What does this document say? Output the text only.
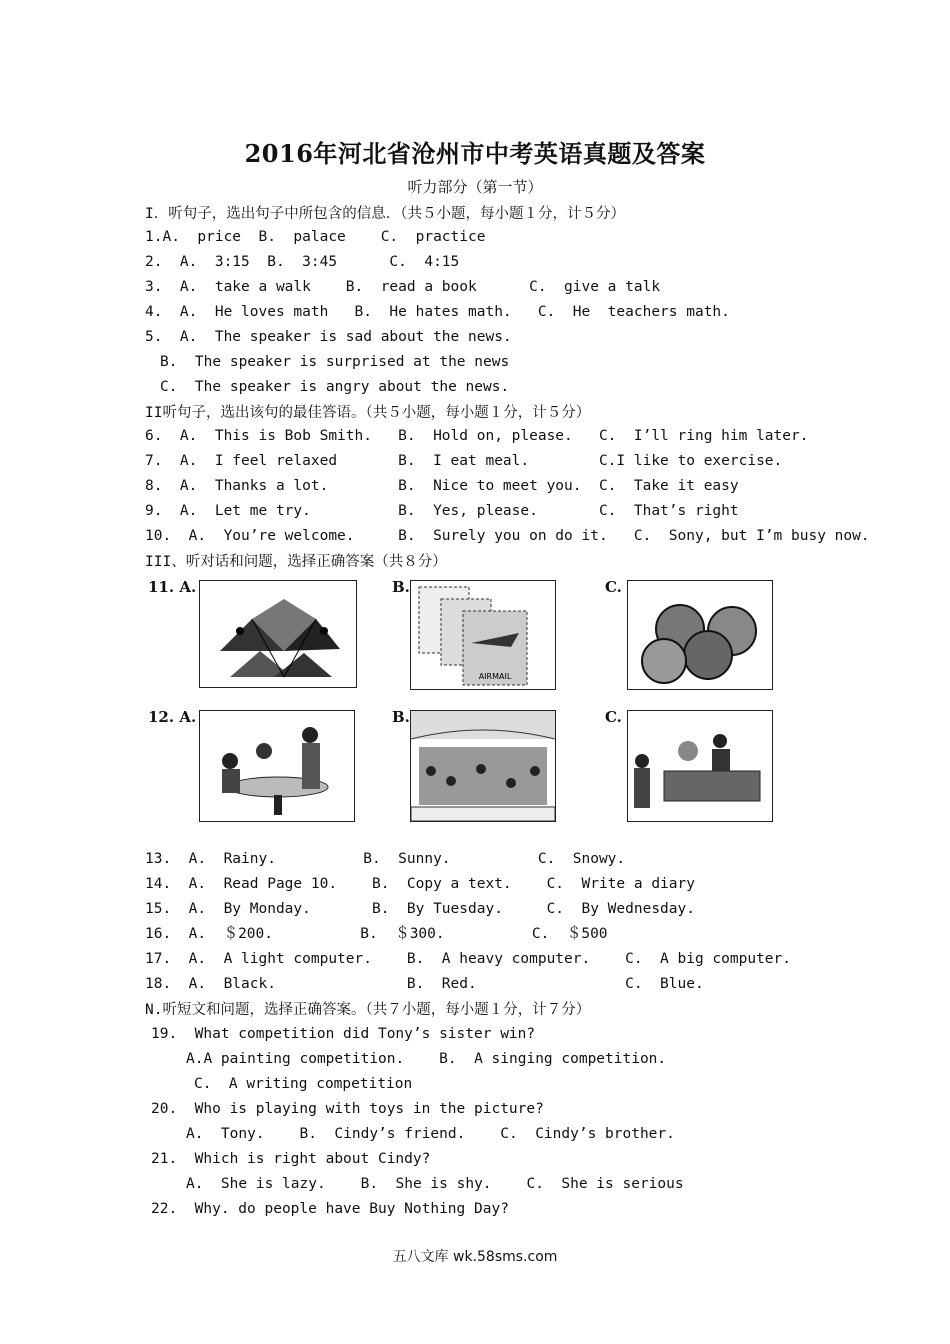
2016年河北省沧州市中考英语真题及答案
听力部分（第一节）
I．听句子，选出句子中所包含的信息．（共５小题，每小题１分，计５分）
1.A.  price  B.  palace    C.  practice
2.  A.  3:15  B.  3:45      C.  4:15
3.  A.  take a walk    B.  read a book      C.  give a talk
4.  A.  He loves math   B.  He hates math.   C.  He  teachers math.
5.  A.  The speaker is sad about the news.
B.  The speaker is surprised at the news
C.  The speaker is angry about the news.
II听句子，选出该句的最佳答语。（共５小题，每小题１分，计５分）
6.  A.  This is Bob Smith.   B.  Hold on, please.   C.  I’ll ring him later.
7.  A.  I feel relaxed       B.  I eat meal.        C.I like to exercise.
8.  A.  Thanks a lot.        B.  Nice to meet you.  C.  Take it easy
9.  A.  Let me try.          B.  Yes, please.       C.  That’s right
10.  A.  You’re welcome.     B.  Surely you on do it.   C.  Sony, but I’m busy now.
III、听对话和问题，选择正确答案（共８分）
11. A.	B.
AIRMAIL
C.
12. A.	B.	C.
13.  A.  Rainy.          B.  Sunny.          C.  Snowy.
14.  A.  Read Page 10.    B.  Copy a text.    C.  Write a diary
15.  A.  By Monday.       B.  By Tuesday.     C.  By Wednesday.
16.  A.  ＄200.          B.  ＄300.          C.  ＄500
17.  A.  A light computer.    B.  A heavy computer.    C.  A big computer.
18.  A.  Black.               B.  Red.                 C.  Blue.
N.听短文和问题，选择正确答案。（共７小题，每小题１分，计７分）
19.  What competition did Tony’s sister win?
A.A painting competition.    B.  A singing competition.
C.  A writing competition
20.  Who is playing with toys in the picture?
A.  Tony.    B.  Cindy’s friend.    C.  Cindy’s brother.
21.  Which is right about Cindy?
A.  She is lazy.    B.  She is shy.    C.  She is serious
22.  Why. do people have Buy Nothing Day?
五八文库 wk.58sms.com
